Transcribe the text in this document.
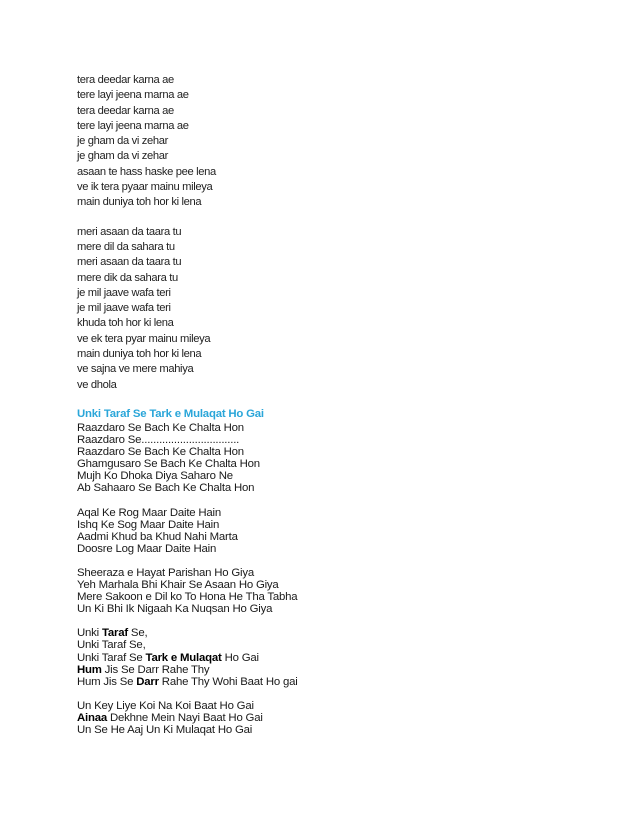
tera deedar karna ae
tere layi jeena marna ae
tera deedar karna ae
tere layi jeena marna ae
je gham da vi zehar
je gham da vi zehar
asaan te hass haske pee lena
ve ik tera pyaar mainu mileya
main duniya toh hor ki lena
meri asaan da taara tu
mere dil da sahara tu
meri asaan da taara tu
mere dik da sahara tu
je mil jaave wafa teri
je mil jaave wafa teri
khuda toh hor ki lena
ve ek tera pyar mainu mileya
main duniya toh hor ki lena
ve sajna ve mere mahiya
ve dhola
Unki Taraf Se Tark e Mulaqat Ho Gai
Raazdaro Se Bach Ke Chalta Hon
Raazdaro Se.................................
Raazdaro Se Bach Ke Chalta Hon
Ghamgusaro Se Bach Ke Chalta Hon
Mujh Ko Dhoka Diya Saharo Ne
Ab Sahaaro Se Bach Ke Chalta Hon
Aqal Ke Rog Maar Daite Hain
Ishq Ke Sog Maar Daite Hain
Aadmi Khud ba Khud Nahi Marta
Doosre Log Maar Daite Hain
Sheeraza e Hayat Parishan Ho Giya
Yeh Marhala Bhi Khair Se Asaan Ho Giya
Mere Sakoon e Dil ko To Hona He Tha Tabha
Un Ki Bhi Ik Nigaah Ka Nuqsan Ho Giya
Unki Taraf Se,
Unki Taraf Se,
Unki Taraf Se Tark e Mulaqat Ho Gai
Hum Jis Se Darr Rahe Thy
Hum Jis Se Darr Rahe Thy Wohi Baat Ho gai
Un Key Liye Koi Na Koi Baat Ho Gai
Ainaa Dekhne Mein Nayi Baat Ho Gai
Un Se He Aaj Un Ki Mulaqat Ho Gai
